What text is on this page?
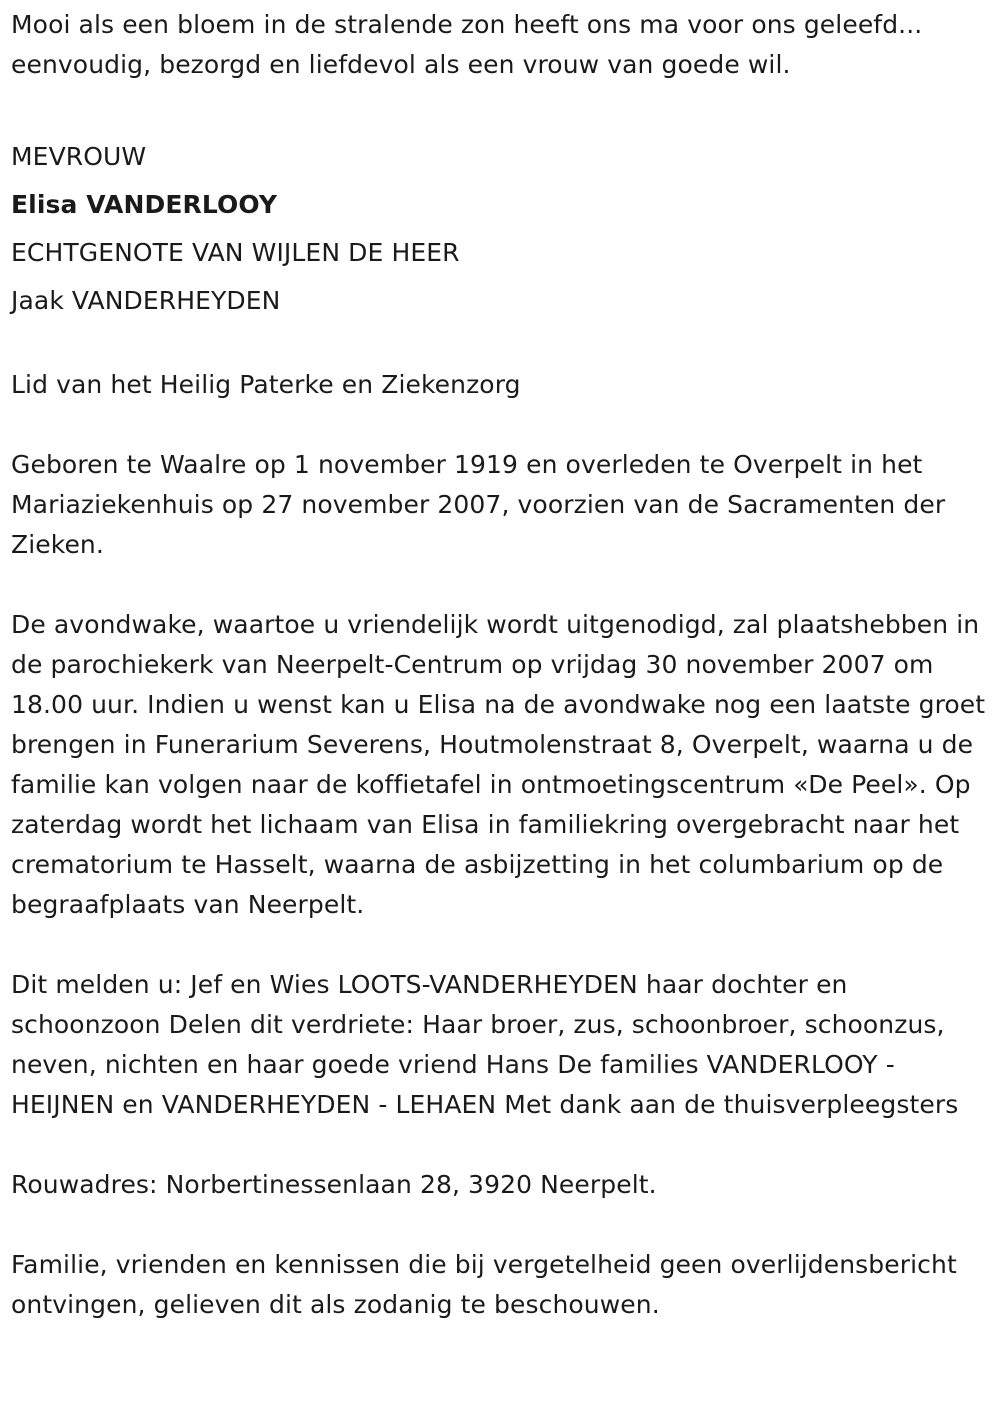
Mooi als een bloem in de stralende zon heeft ons ma voor ons geleefd... eenvoudig, bezorgd en liefdevol als een vrouw van goede wil.

MEVROUW

Elisa VANDERLOOY

ECHTGENOTE VAN WIJLEN DE HEER

Jaak VANDERHEYDEN

Lid van het Heilig Paterke en Ziekenzorg

Geboren te Waalre op 1 november 1919 en overleden te Overpelt in het Mariaziekenhuis op 27 november 2007, voorzien van de Sacramenten der Zieken.

De avondwake, waartoe u vriendelijk wordt uitgenodigd, zal plaatshebben in de parochiekerk van Neerpelt-Centrum op vrijdag 30 november 2007 om 18.00 uur. Indien u wenst kan u Elisa na de avondwake nog een laatste groet brengen in Funerarium Severens, Houtmolenstraat 8, Overpelt, waarna u de familie kan volgen naar de koffietafel in ontmoetingscentrum «De Peel». Op zaterdag wordt het lichaam van Elisa in familiekring overgebracht naar het crematorium te Hasselt, waarna de asbijzetting in het columbarium op de begraafplaats van Neerpelt.

Dit melden u: Jef en Wies LOOTS-VANDERHEYDEN haar dochter en schoonzoon Delen dit verdriete: Haar broer, zus, schoonbroer, schoonzus, neven, nichten en haar goede vriend Hans De families VANDERLOOY - HEIJNEN en VANDERHEYDEN - LEHAEN Met dank aan de thuisverpleegsters

Rouwadres: Norbertinessenlaan 28, 3920 Neerpelt.

Familie, vrienden en kennissen die bij vergetelheid geen overlijdensbericht ontvingen, gelieven dit als zodanig te beschouwen.
